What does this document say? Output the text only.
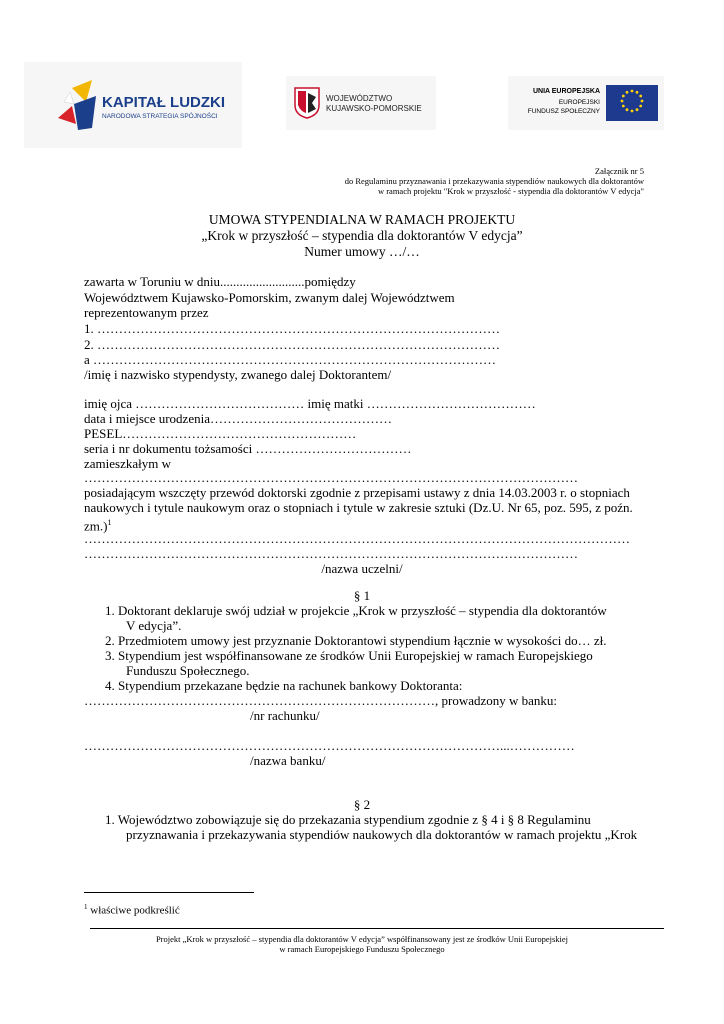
KAPITAŁ LUDZKI
NARODOWA STRATEGIA SPÓJNOŚCI
WOJEWÓDZTWO
KUJAWSKO-POMORSKIE
UNIA EUROPEJSKA
EUROPEJSKI
FUNDUSZ SPOŁECZNY
Załącznik nr 5
do Regulaminu przyznawania i przekazywania stypendiów naukowych dla doktorantów
w ramach projektu "Krok w przyszłość - stypendia dla doktorantów V edycja"
UMOWA STYPENDIALNA W RAMACH PROJEKTU
„Krok w przyszłość – stypendia dla doktorantów V edycja”
Numer umowy …/…
zawarta w Toruniu w dniu..........................pomiędzy
Województwem Kujawsko-Pomorskim, zwanym dalej Województwem
reprezentowanym przez
1. …………………………………………………………………………………
2. …………………………………………………………………………………
a …………………………………………………………………………………
/imię i nazwisko stypendysty, zwanego dalej Doktorantem/
imię ojca ………………………………… imię matki …………………………………
data i miejsce urodzenia……………………………………
PESEL………………………………………………
seria i nr dokumentu tożsamości ………………………………
zamieszkałym w
……………………………………………………………………………………………………
posiadającym wszczęty przewód doktorski zgodnie z przepisami ustawy z dnia 14.03.2003 r. o stopniach
naukowych i tytule naukowym oraz o stopniach i tytule w zakresie sztuki (Dz.U. Nr 65, poz. 595, z poźn.
zm.)$^1$
………………………………………………………………………………………………………………
……………………………………………………………………………………………………
/nazwa uczelni/
§ 1
1. Doktorant deklaruje swój udział w projekcie „Krok w przyszłość – stypendia dla doktorantów
V edycja”.
2. Przedmiotem umowy jest przyznanie Doktorantowi stypendium łącznie w wysokości do… zł.
3. Stypendium jest współfinansowane ze środków Unii Europejskiej w ramach Europejskiego
Funduszu Społecznego.
4. Stypendium przekazane będzie na rachunek bankowy Doktoranta:
………………………………………………………………………, prowadzony w banku:
/nr rachunku/
……………………………………………………………………………………...……………
/nazwa banku/
§ 2
1. Województwo zobowiązuje się do przekazania stypendium zgodnie z § 4 i § 8 Regulaminu
przyznawania i przekazywania stypendiów naukowych dla doktorantów w ramach projektu „Krok
$^1$ właściwe podkreślić
Projekt „Krok w przyszłość – stypendia dla doktorantów V edycja” współfinansowany jest ze środków Unii Europejskiej
w ramach Europejskiego Funduszu Społecznego
